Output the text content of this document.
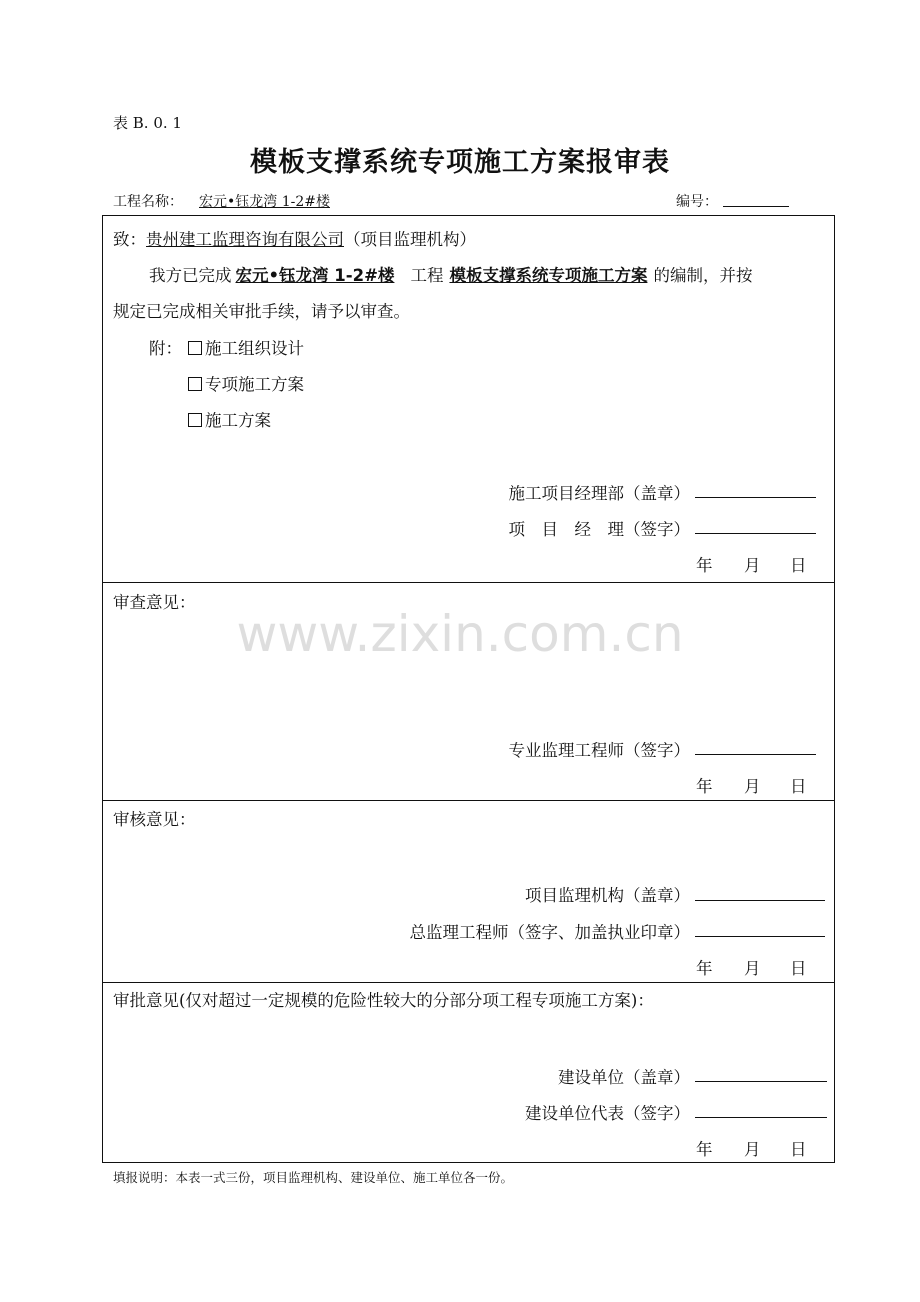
表 B. 0. 1
模板支撑系统专项施工方案报审表
工程名称：	宏元•钰龙湾 1-2#楼	编号：
www.zixin.com.cn
致：贵州建工监理咨询有限公司（项目监理机构）
我方已完成 宏元•钰龙湾 1-2#楼 工程 模板支撑系统专项施工方案 的编制，并按
规定已完成相关审批手续，请予以审查。
附：	施工组织设计
专项施工方案
施工方案
施工项目经理部（盖章）
项　目　经　理（签字）
年 月 日
审查意见：
专业监理工程师（签字）
年 月 日
审核意见：
项目监理机构（盖章）
总监理工程师（签字、加盖执业印章）
年 月 日
审批意见(仅对超过一定规模的危险性较大的分部分项工程专项施工方案)：
建设单位（盖章）
建设单位代表（签字）
年 月 日
填报说明：本表一式三份，项目监理机构、建设单位、施工单位各一份。
